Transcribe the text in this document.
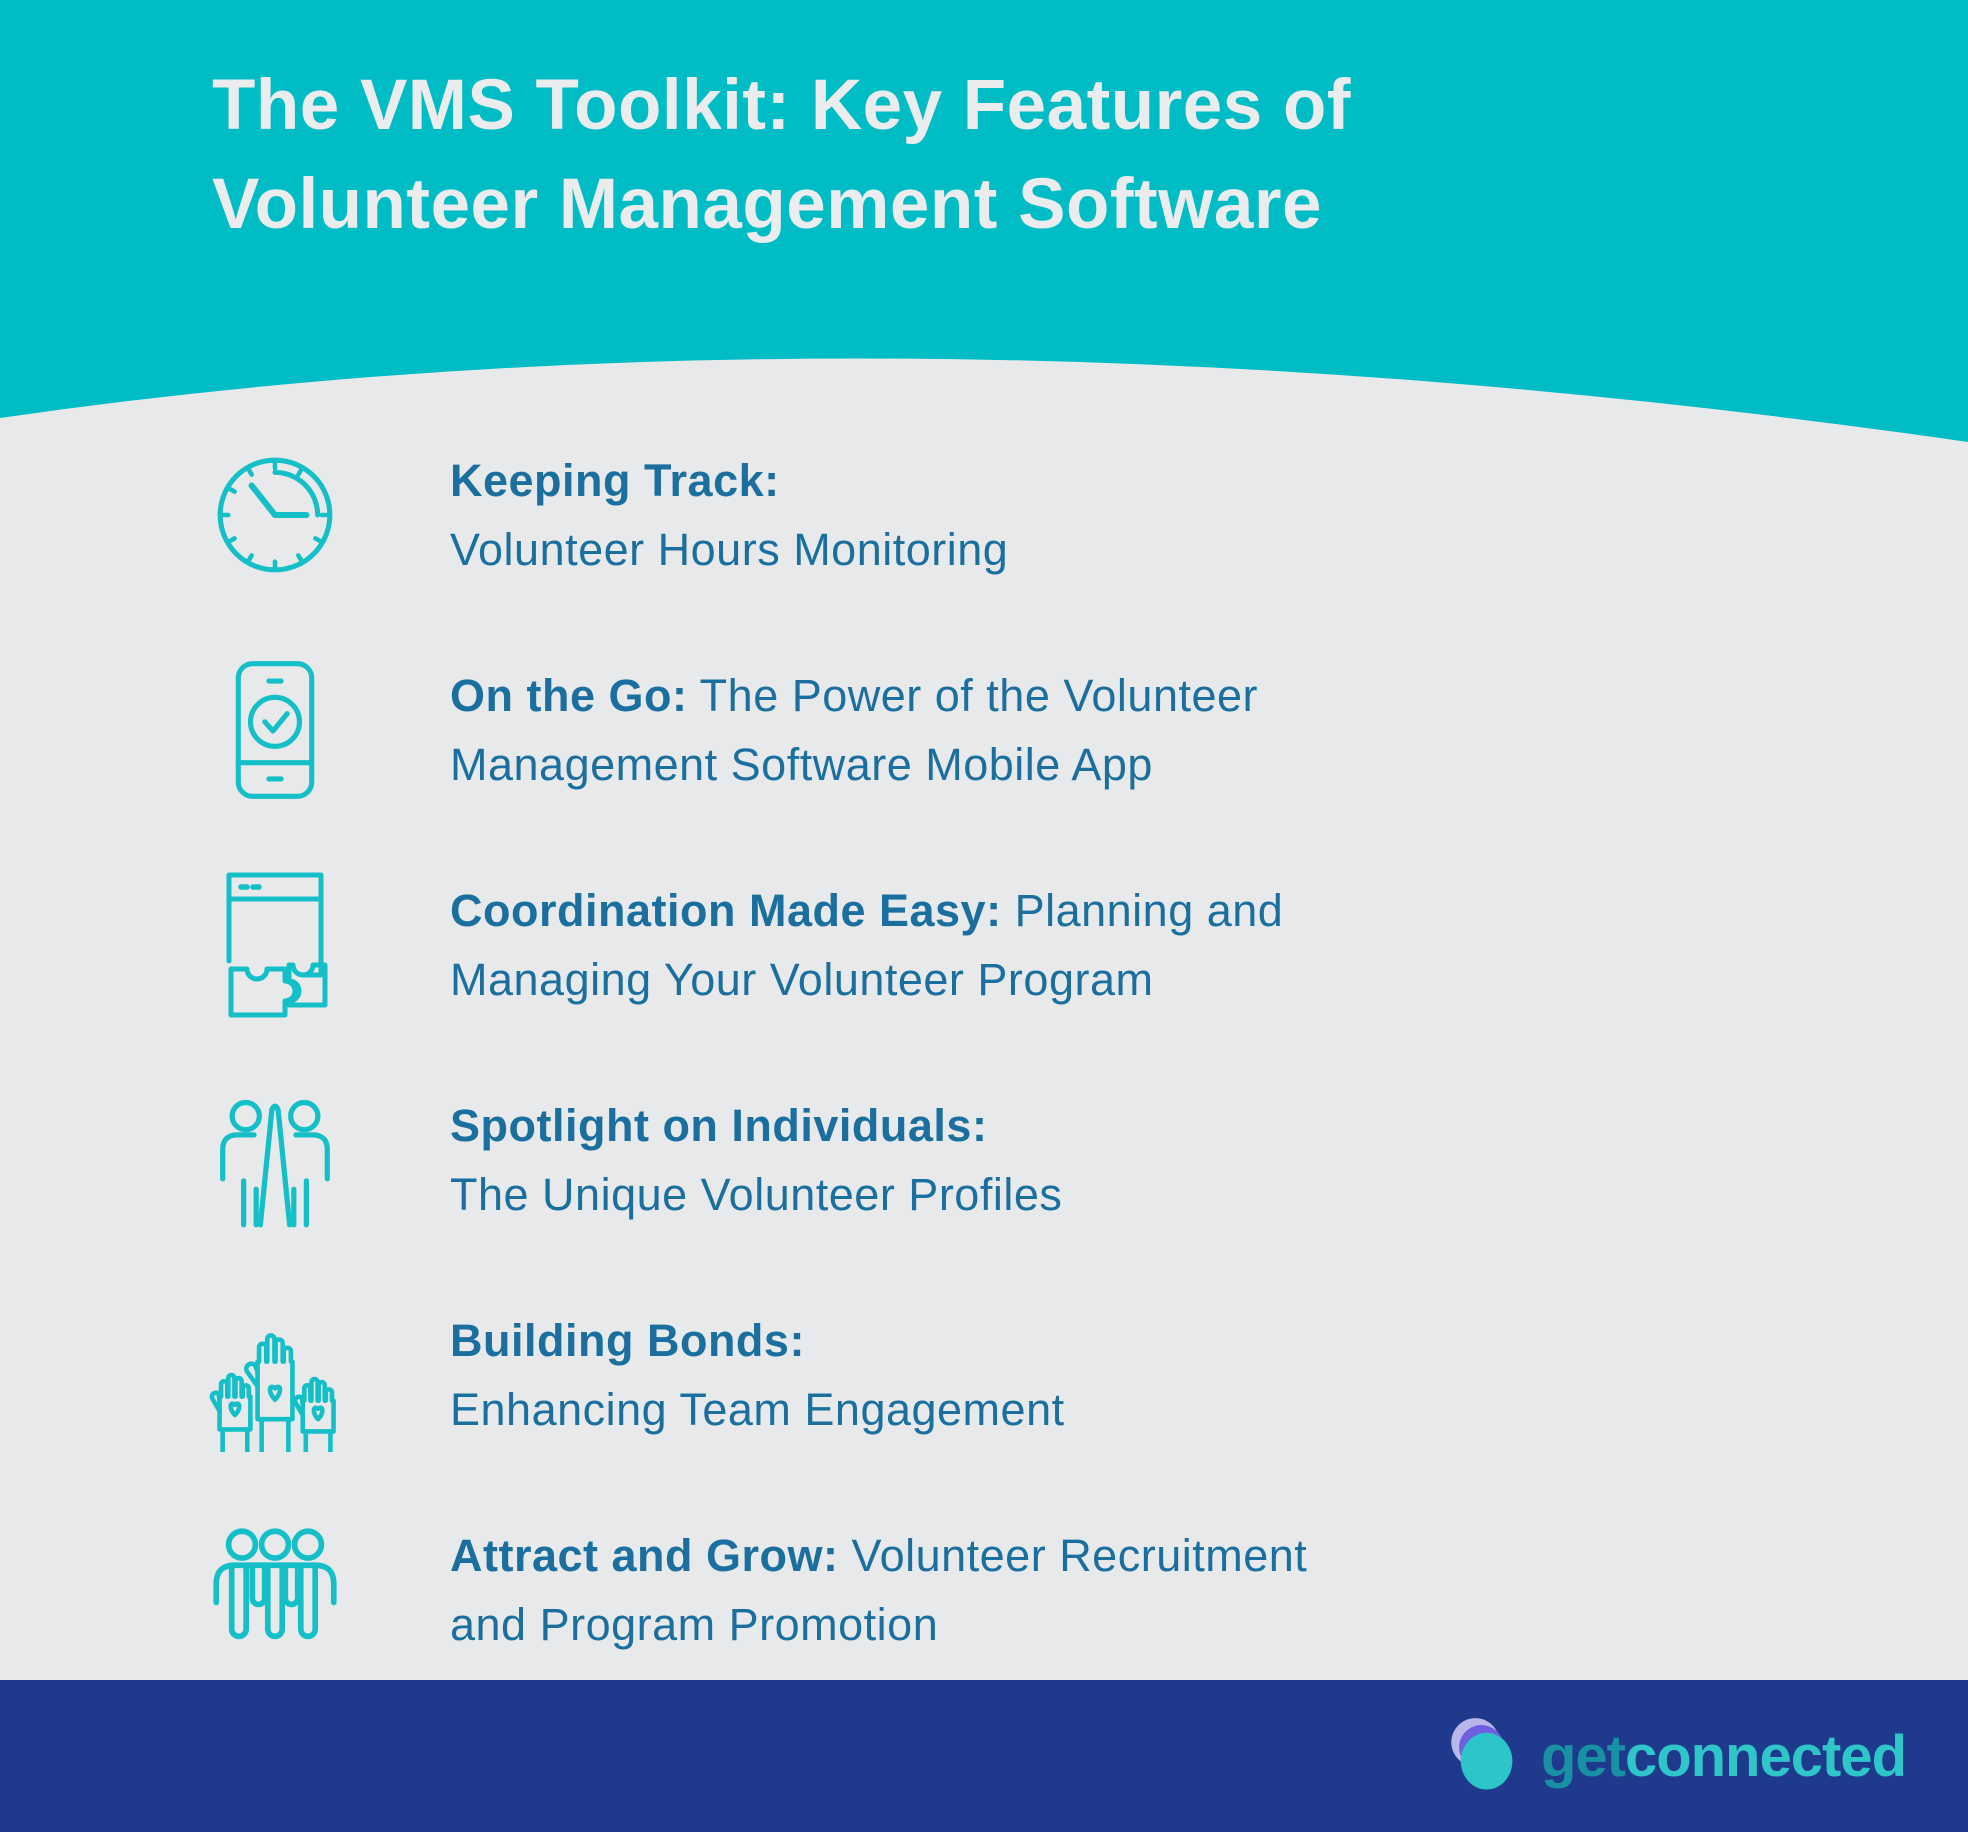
The VMS Toolkit: Key Features of
Volunteer Management Software
Keeping Track:
Volunteer Hours Monitoring
On the Go: The Power of the Volunteer
Management Software Mobile App
Coordination Made Easy: Planning and
Managing Your Volunteer Program
Spotlight on Individuals:
The Unique Volunteer Profiles
Building Bonds:
Enhancing Team Engagement
Attract and Grow: Volunteer Recruitment
and Program Promotion
getconnected
